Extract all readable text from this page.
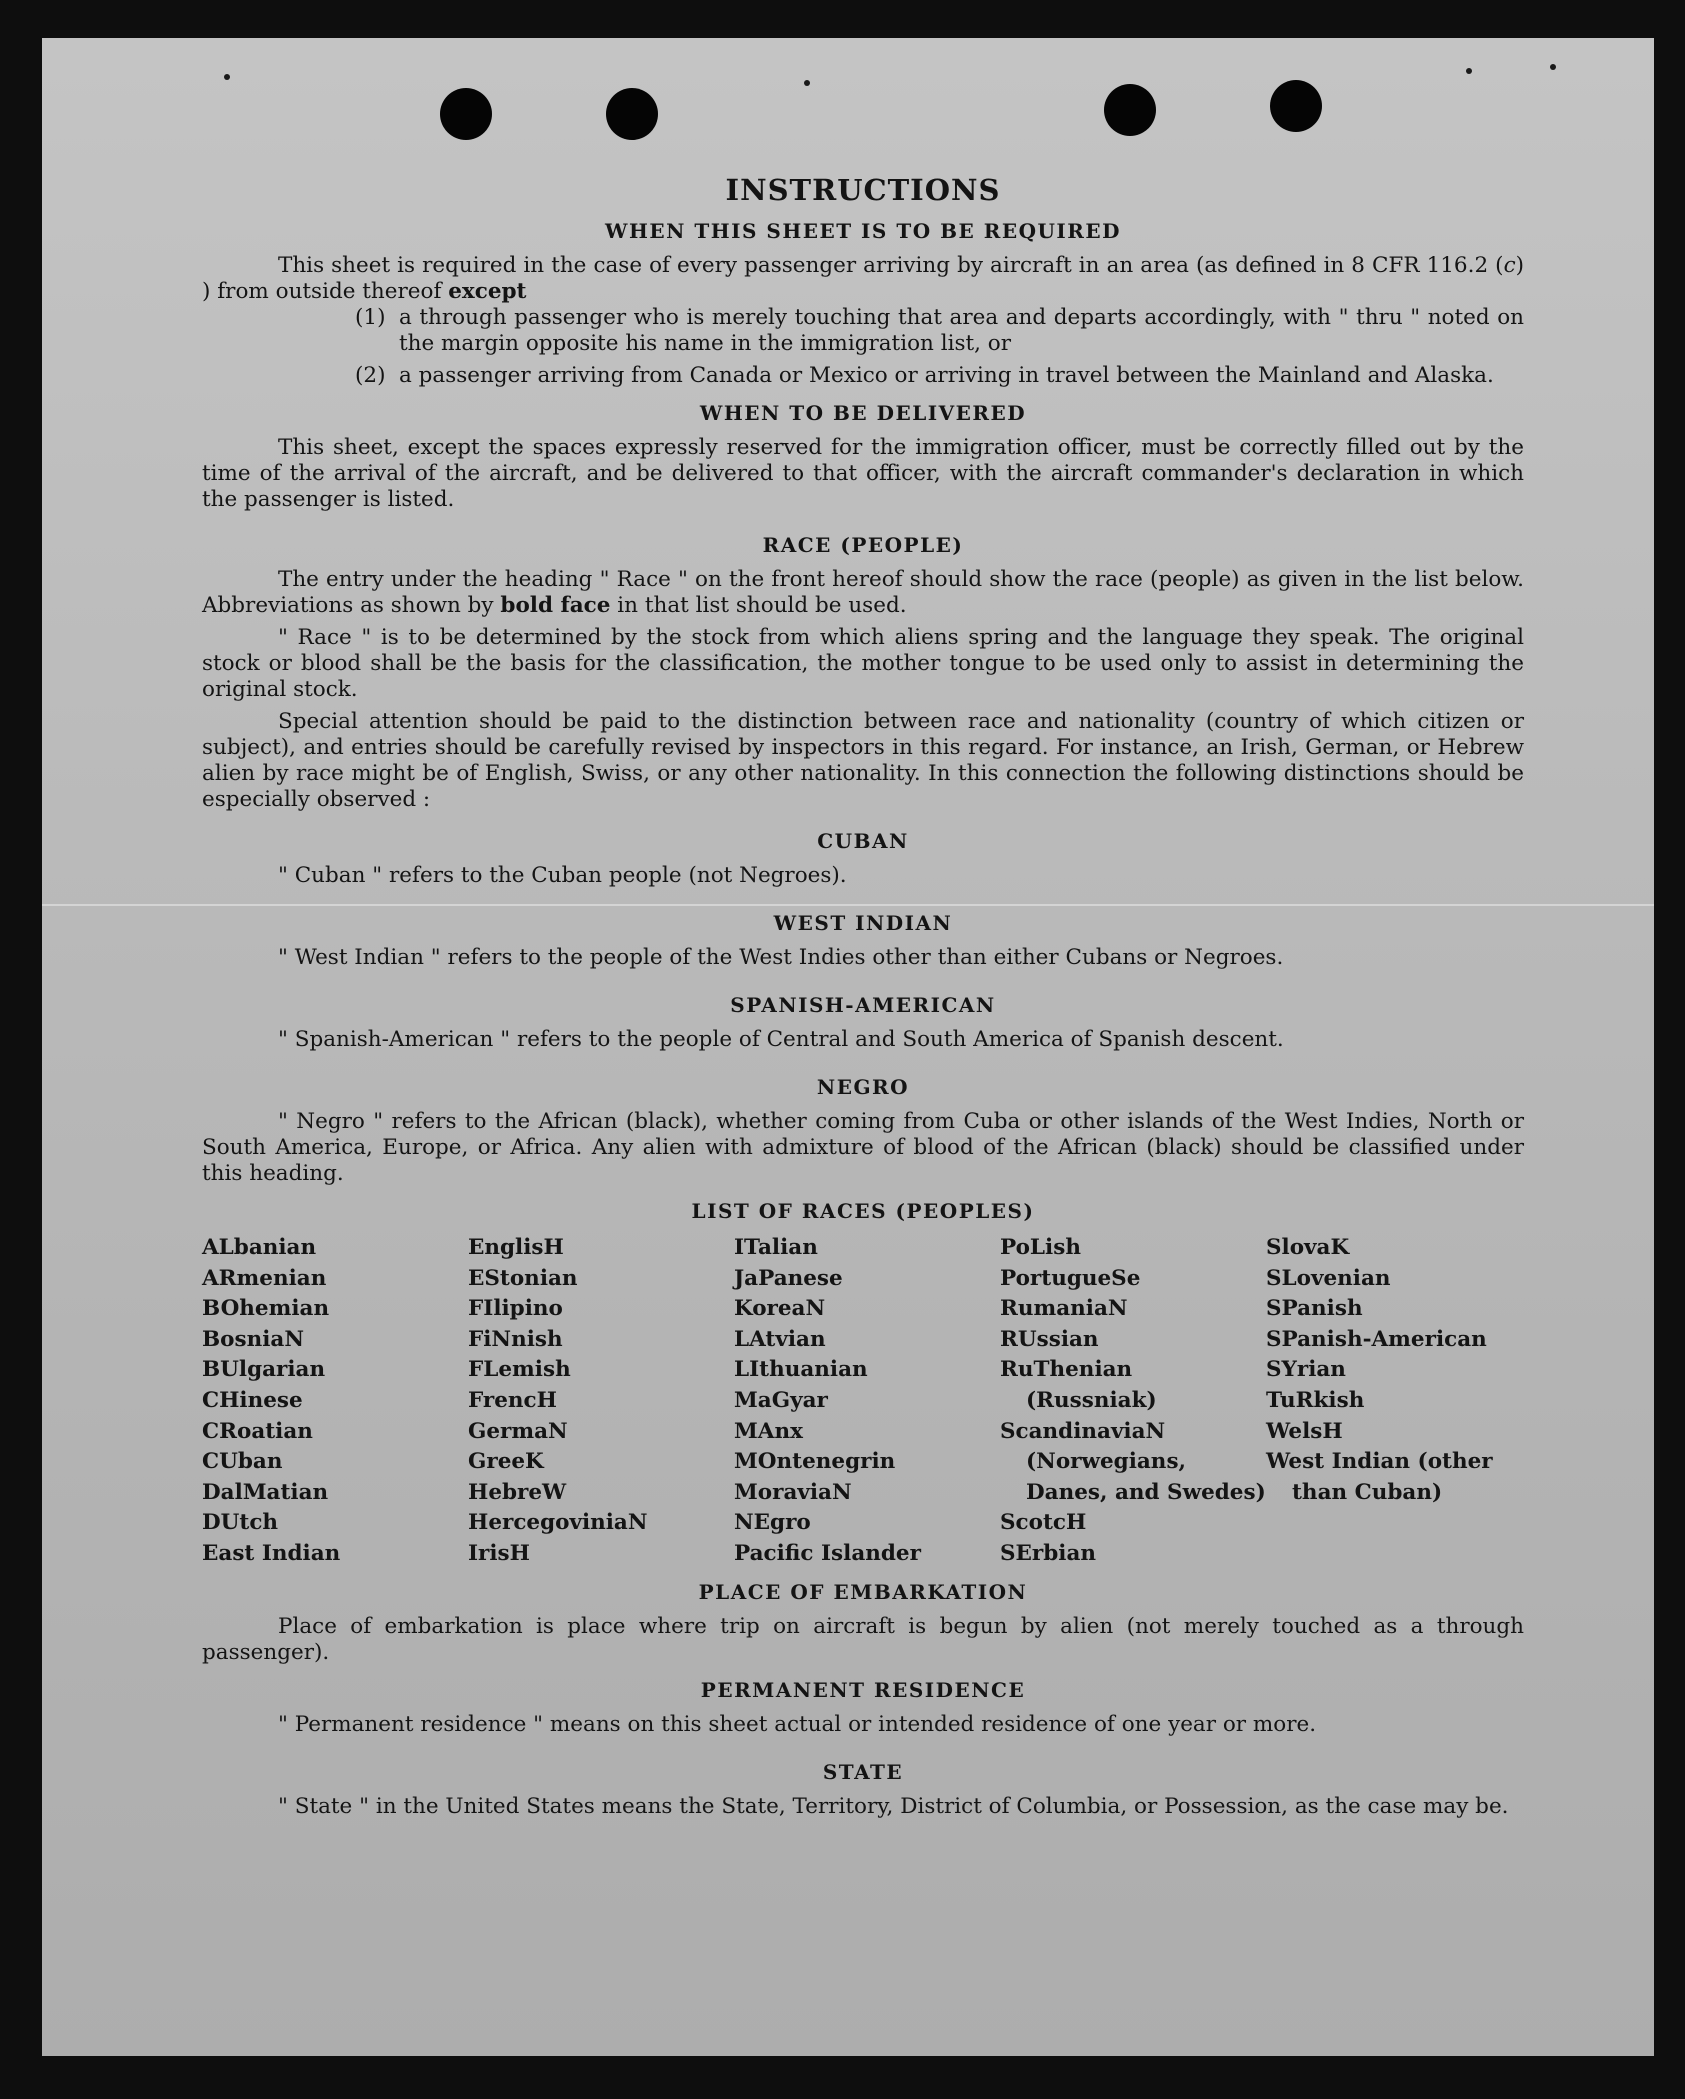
INSTRUCTIONS
WHEN THIS SHEET IS TO BE REQUIRED

This sheet is required in the case of every passenger arriving by aircraft in an area (as defined in 8 CFR 116.2 (c) ) from outside thereof except

(1) a through passenger who is merely touching that area and departs accordingly, with " thru " noted on the margin opposite his name in the immigration list, or
(2) a passenger arriving from Canada or Mexico or arriving in travel between the Mainland and Alaska.
WHEN TO BE DELIVERED

This sheet, except the spaces expressly reserved for the immigration officer, must be correctly filled out by the time of the arrival of the aircraft, and be delivered to that officer, with the aircraft commander's declaration in which the passenger is listed.

RACE (PEOPLE)

The entry under the heading " Race " on the front hereof should show the race (people) as given in the list below. Abbreviations as shown by bold face in that list should be used.

" Race " is to be determined by the stock from which aliens spring and the language they speak. The original stock or blood shall be the basis for the classification, the mother tongue to be used only to assist in determining the original stock.

Special attention should be paid to the distinction between race and nationality (country of which citizen or subject), and entries should be carefully revised by inspectors in this regard. For instance, an Irish, German, or Hebrew alien by race might be of English, Swiss, or any other nationality. In this connection the following distinctions should be especially observed :

CUBAN

" Cuban " refers to the Cuban people (not Negroes).

WEST INDIAN

" West Indian " refers to the people of the West Indies other than either Cubans or Negroes.

SPANISH-AMERICAN

" Spanish-American " refers to the people of Central and South America of Spanish descent.

NEGRO

" Negro " refers to the African (black), whether coming from Cuba or other islands of the West Indies, North or South America, Europe, or Africa. Any alien with admixture of blood of the African (black) should be classified under this heading.

LIST OF RACES (PEOPLES)
ALbanian
ARmenian
BOhemian
BosniaN
BUlgarian
CHinese
CRoatian
CUban
DalMatian
DUtch
East Indian
EnglisH
EStonian
FIlipino
FiNnish
FLemish
FrencH
GermaN
GreeK
HebreW
HercegoviniaN
IrisH
ITalian
JaPanese
KoreaN
LAtvian
LIthuanian
MaGyar
MAnx
MOntenegrin
MoraviaN
NEgro
Pacific Islander
PoLish
PortugueSe
RumaniaN
RUssian
RuThenian (Russniak)
ScandinaviaN (Norwegians, Danes, and Swedes)
ScotcH
SErbian
SlovaK
SLovenian
SPanish
SPanish-American
SYrian
TuRkish
WelsH
West Indian (other than Cuban)
PLACE OF EMBARKATION

Place of embarkation is place where trip on aircraft is begun by alien (not merely touched as a through passenger).

PERMANENT RESIDENCE

" Permanent residence " means on this sheet actual or intended residence of one year or more.

STATE

" State " in the United States means the State, Territory, District of Columbia, or Possession, as the case may be.
